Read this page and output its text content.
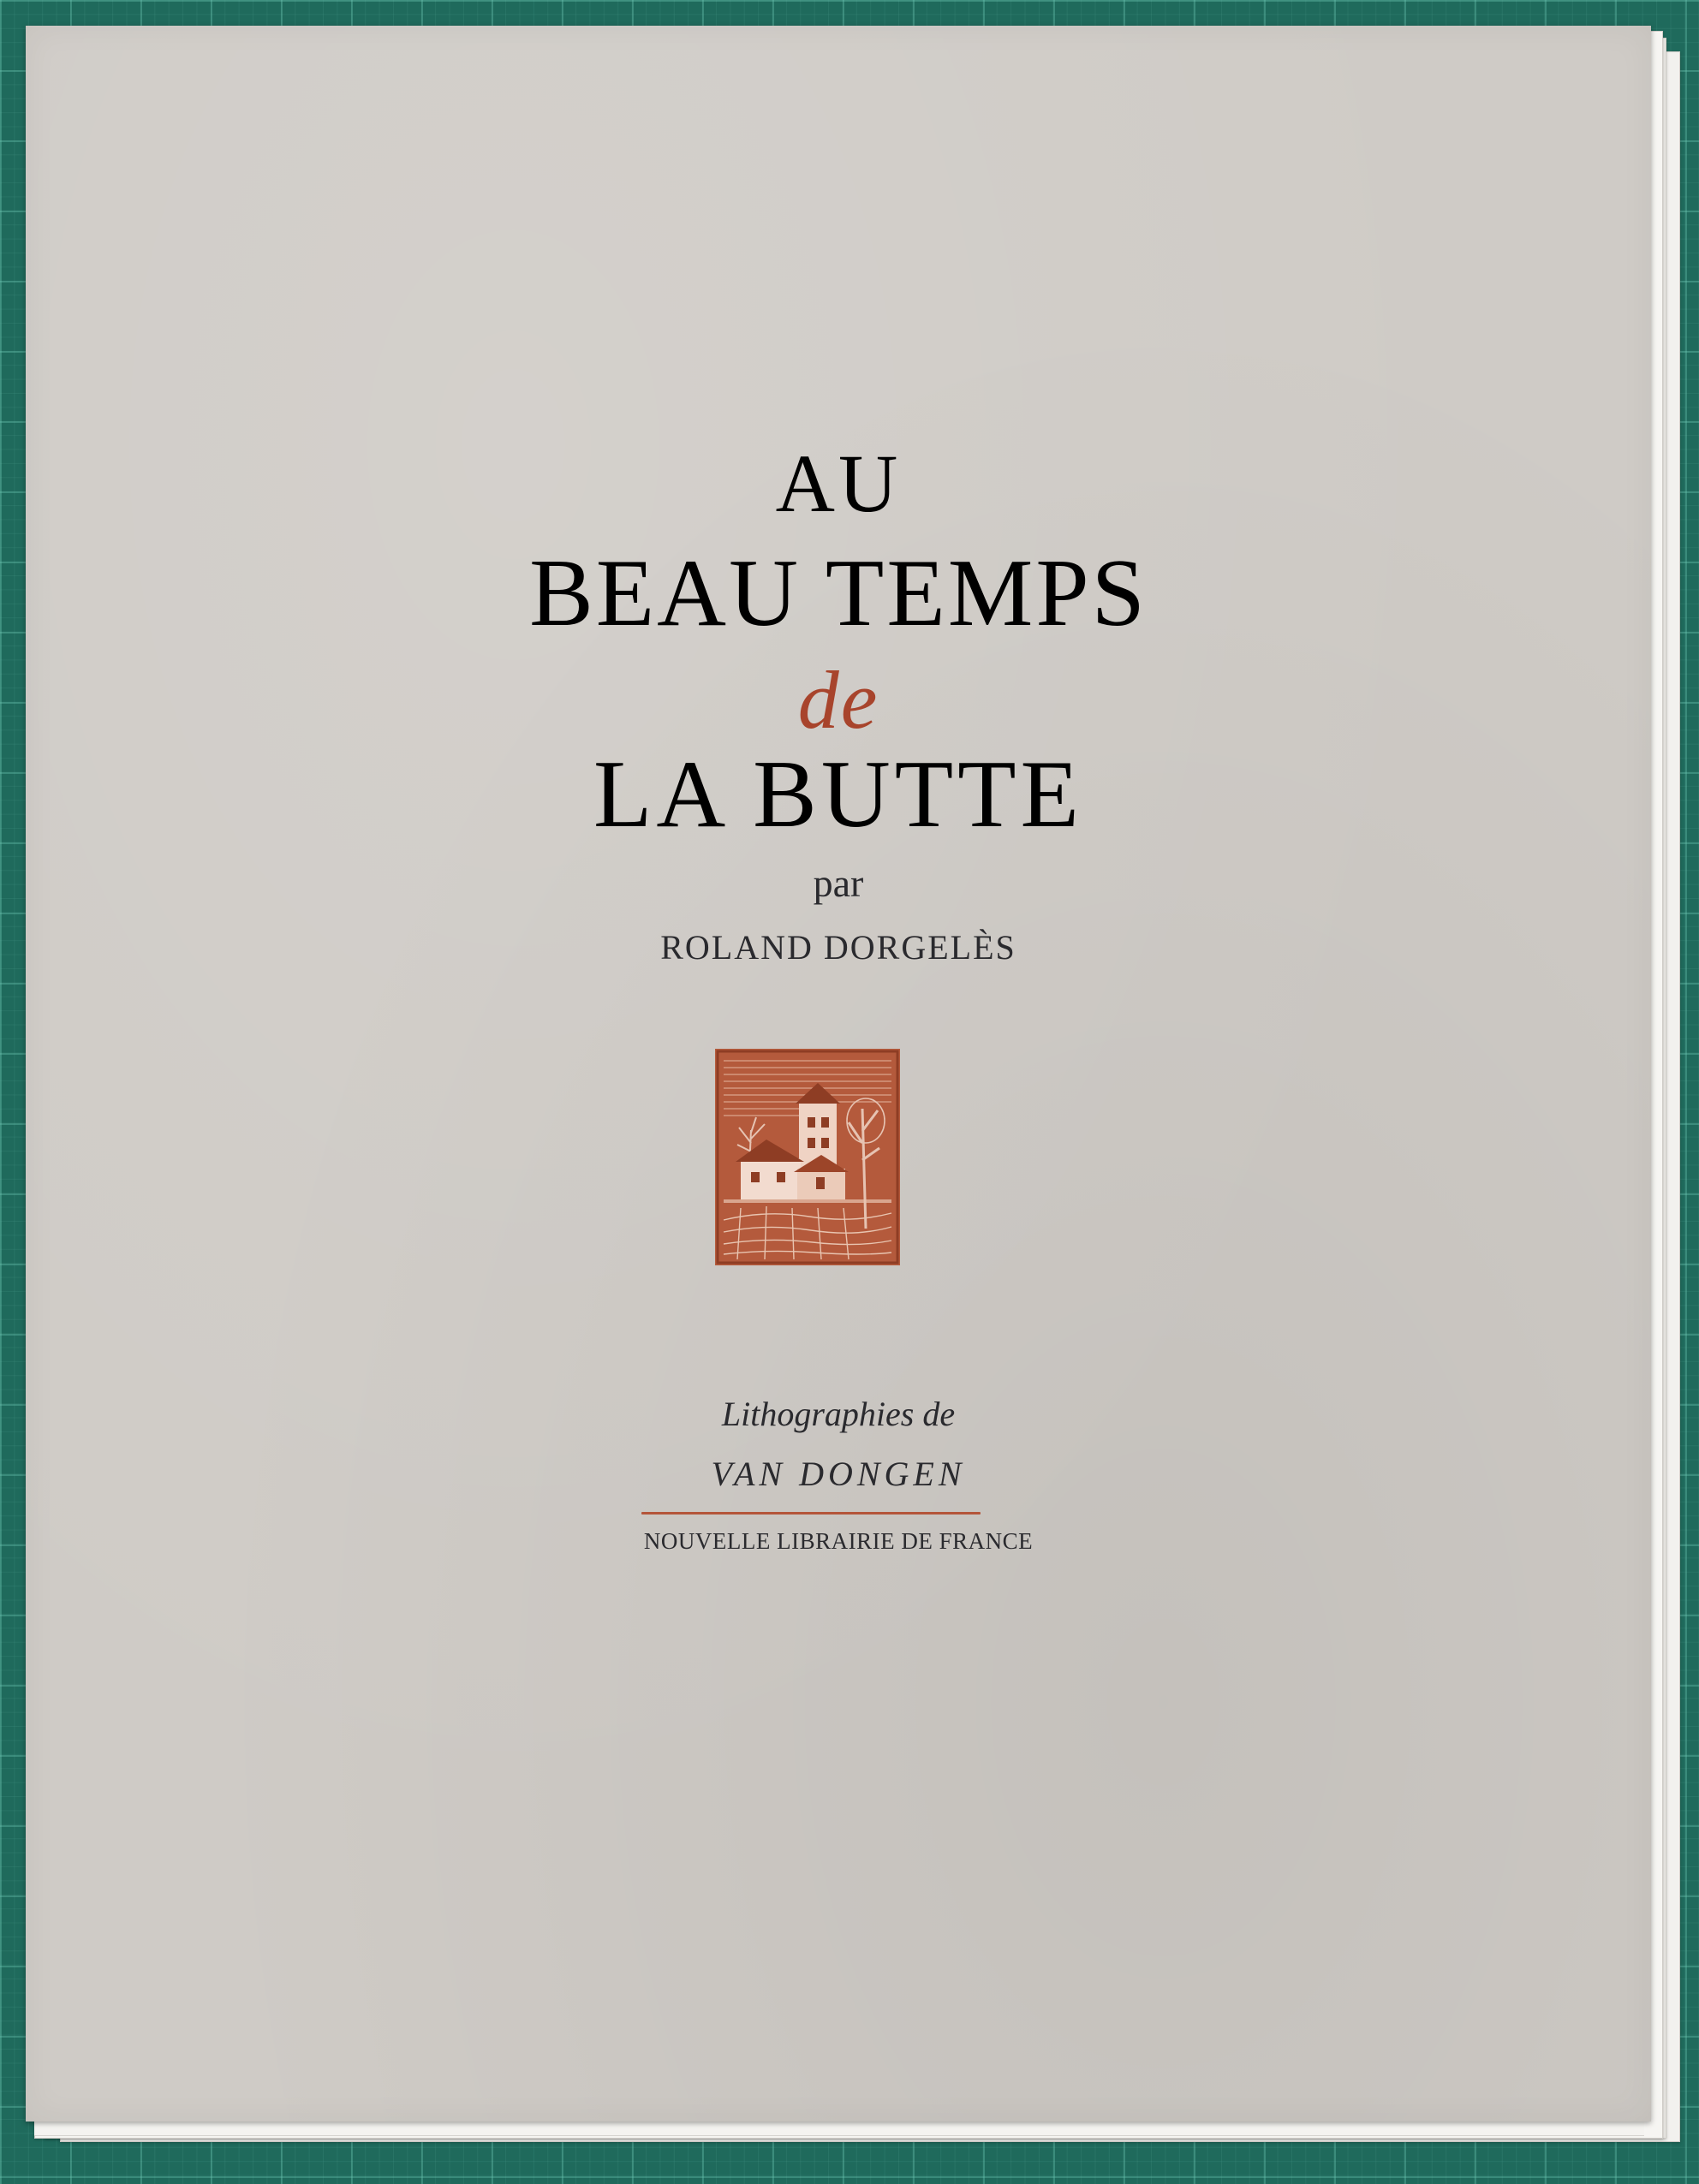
AU
BEAU TEMPS
de
LA BUTTE
par
ROLAND DORGELÈS
Lithographies de
VAN DONGEN
NOUVELLE LIBRAIRIE DE FRANCE
